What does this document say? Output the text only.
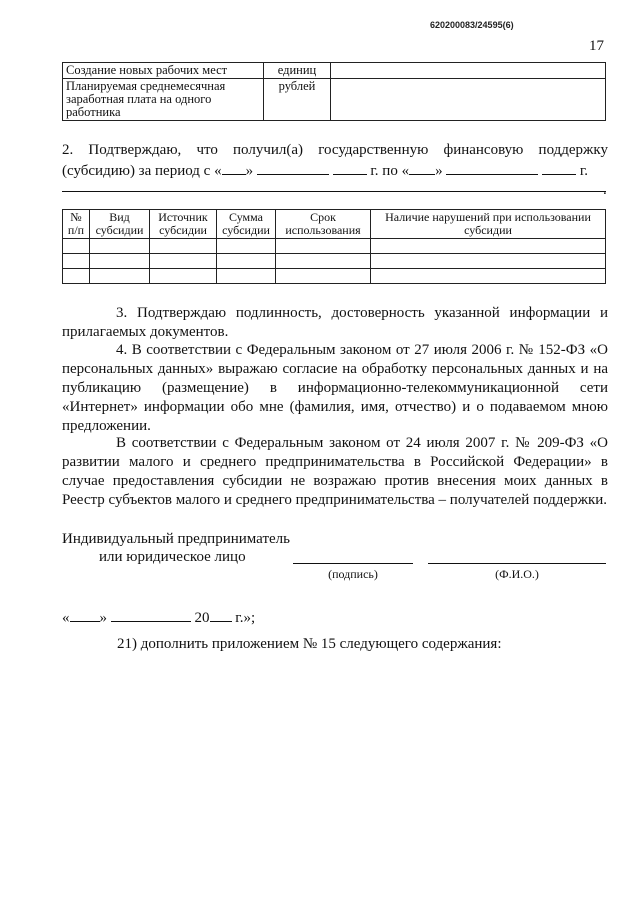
620200083/24595(6)
17
Создание новых рабочих мест	единиц	
Планируемая среднемесячная заработная плата на одного работника	рублей	
2. Подтверждаю, что получил(а) государственную финансовую поддержку (субсидию) за период с « »	г. по « »	г.
.
№ п/п	Вид субсидии	Источник субсидии	Сумма субсидии	Срок использования	Наличие нарушений при использовании субсидии

3. Подтверждаю подлинность, достоверность указанной информации и прилагаемых документов.
4. В соответствии с Федеральным законом от 27 июля 2006 г. № 152-ФЗ «О персональных данных» выражаю согласие на обработку персональных данных и на публикацию (размещение) в информационно-телекоммуникационной сети «Интернет» информации обо мне (фамилия, имя, отчество) и о подаваемом мною предложении.
В соответствии с Федеральным законом от 24 июля 2007 г. № 209-ФЗ «О развитии малого и среднего предпринимательства в Российской Федерации» в случае предоставления субсидии не возражаю против внесения моих данных в Реестр субъектов малого и среднего предпринимательства – получателей поддержки.
Индивидуальный предприниматель
или юридическое лицо
(подпись)	(Ф.И.О.)
« »	20 г.»;
21) дополнить приложением № 15 следующего содержания:
